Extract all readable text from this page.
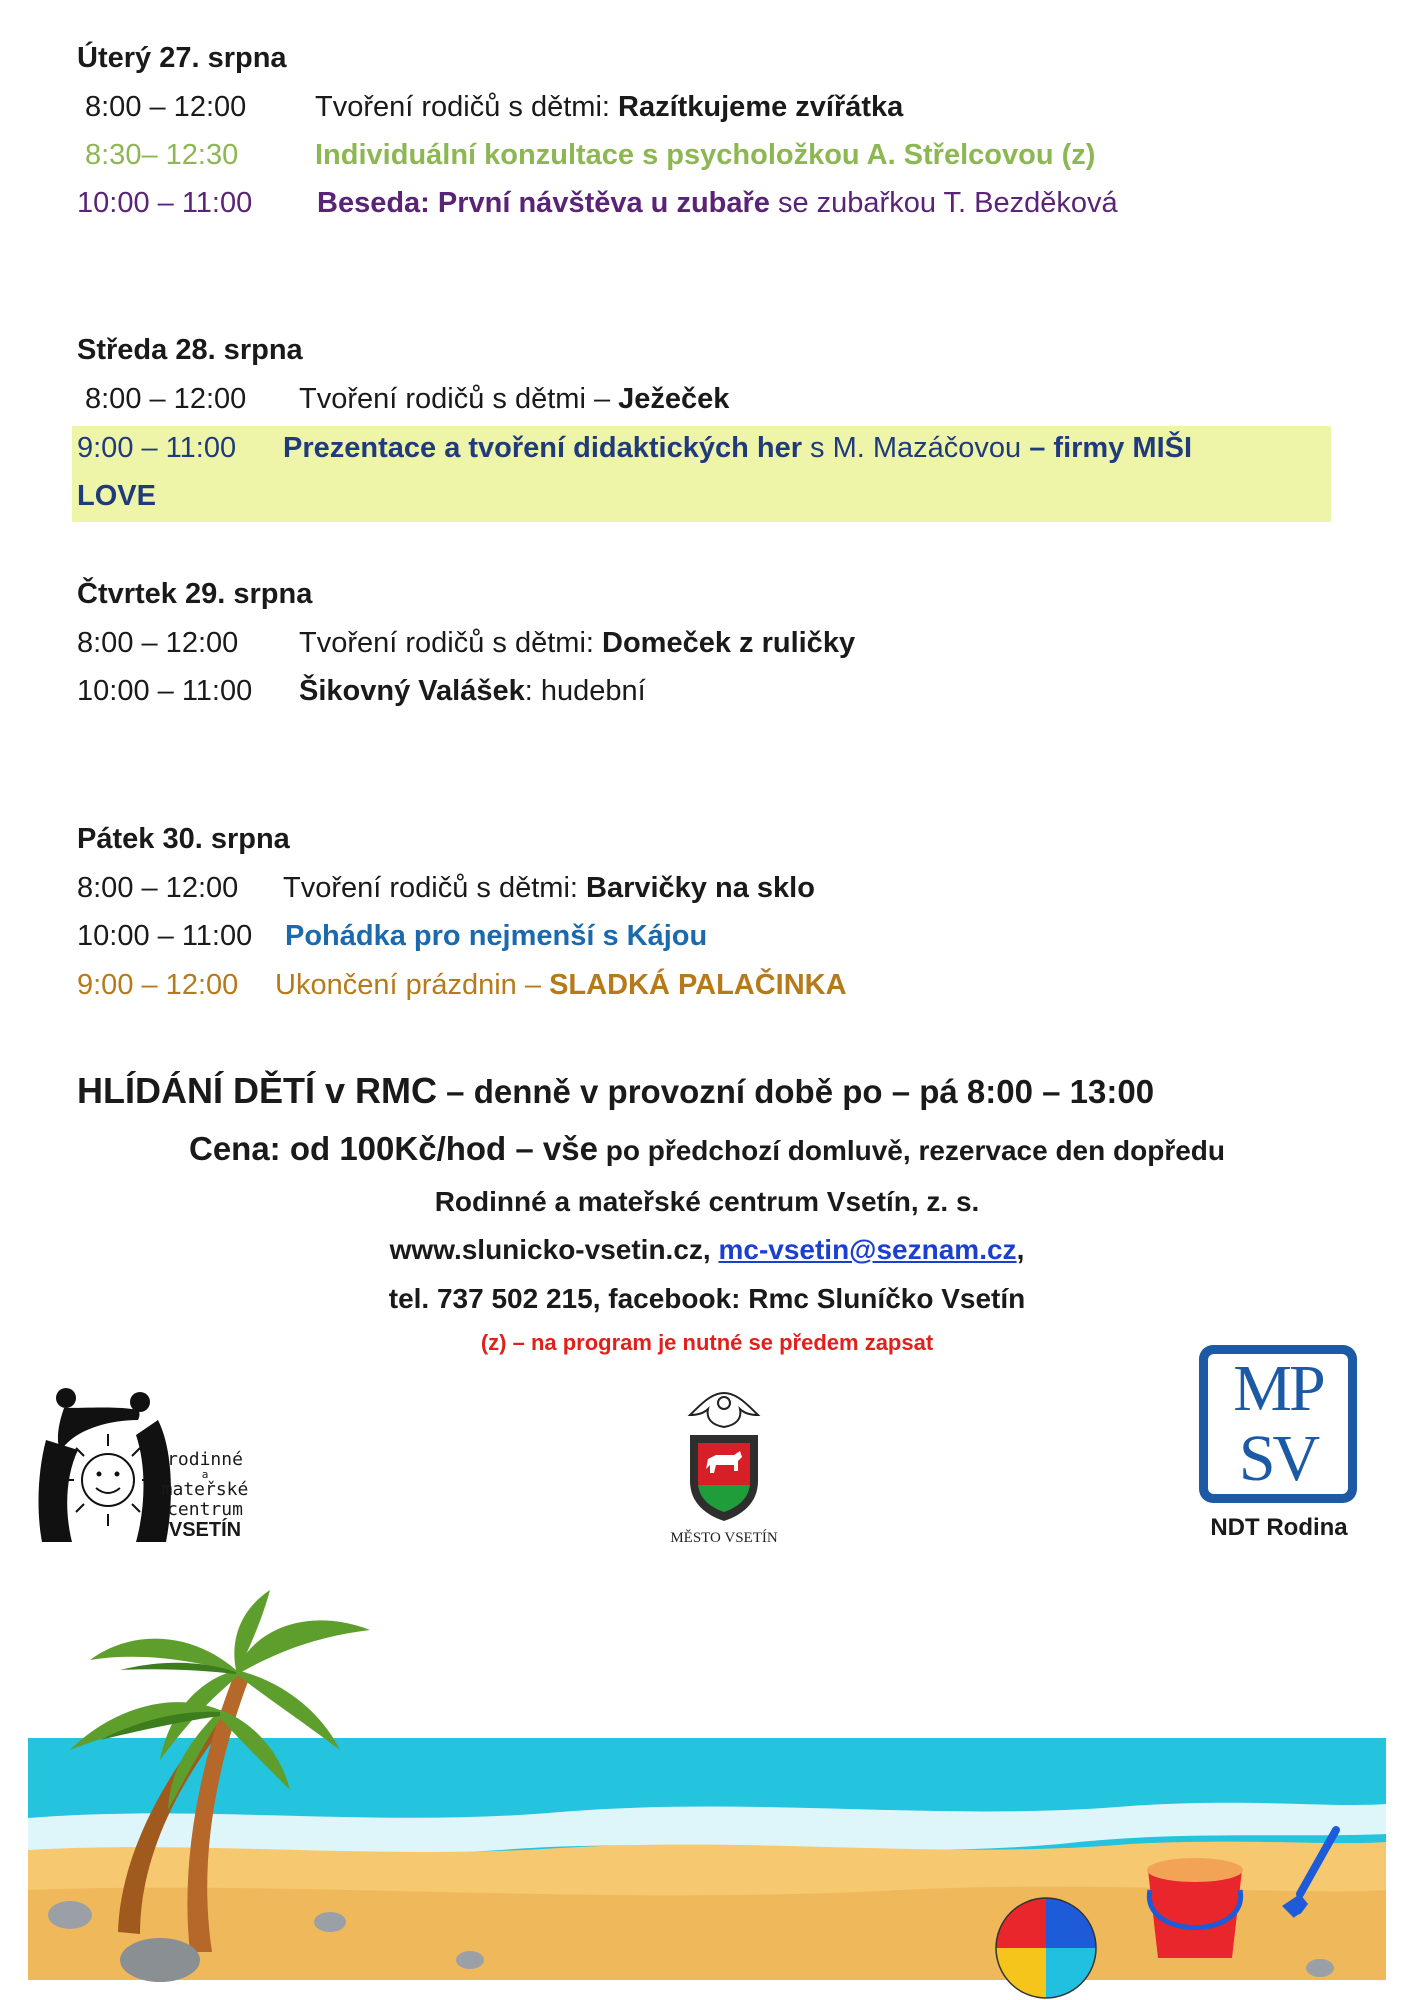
Úterý 27. srpna
8:00 – 12:00 Tvoření rodičů s dětmi: Razítkujeme zvířátka
8:30– 12:30	Individuální konzultace s psycholožkou A. Střelcovou (z)
10:00 – 11:00 Beseda: První návštěva u zubaře se zubařkou T. Bezděková
Středa 28. srpna
8:00 – 12:00 Tvoření rodičů s dětmi – Ježeček
9:00 – 11:00 Prezentace a tvoření didaktických her s M. Mazáčovou – firmy MIŠI
LOVE
Čtvrtek 29. srpna
8:00 – 12:00 Tvoření rodičů s dětmi: Domeček z ruličky
10:00 – 11:00 Šikovný Valášek: hudební
Pátek 30. srpna
8:00 – 12:00 Tvoření rodičů s dětmi: Barvičky na sklo
10:00 – 11:00 Pohádka pro nejmenší s Kájou
9:00 – 12:00 Ukončení prázdnin – SLADKÁ PALAČINKA
HLÍDÁNÍ DĚTÍ v RMC – denně v provozní době po – pá 8:00 – 13:00
Cena: od 100Kč/hod – vše po předchozí domluvě, rezervace den dopředu
Rodinné a mateřské centrum Vsetín, z. s.
www.slunicko-vsetin.cz, mc-vsetin@seznam.cz,
tel. 737 502 215, facebook: Rmc Sluníčko Vsetín
(z) – na program je nutné se předem zapsat
rodinné
a
mateřské
centrum
VSETÍN	MĚSTO VSETÍN
MP
SV
NDT Rodina
